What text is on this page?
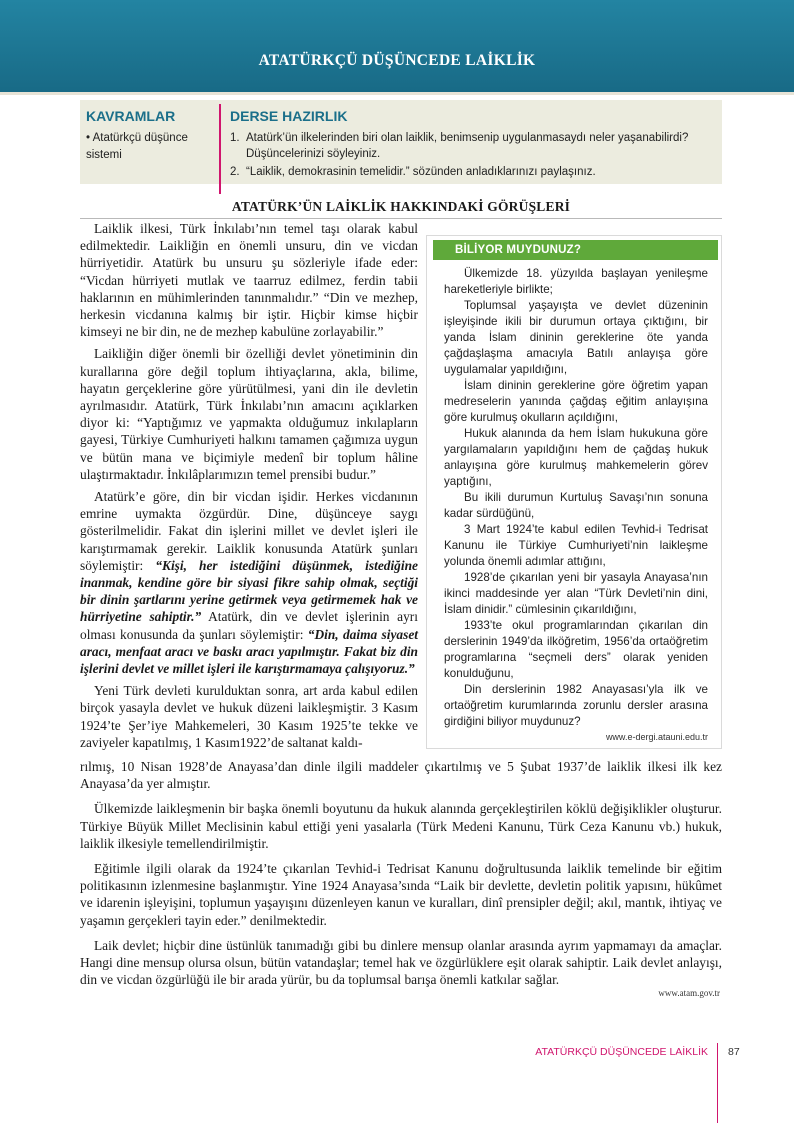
ATATÜRKÇÜ DÜŞÜNCEDE LAİKLİK
KAVRAMLAR
• Atatürkçü düşünce sistemi
DERSE HAZIRLIK
1. Atatürk’ün ilkelerinden biri olan laiklik, benimsenip uygulanmasaydı neler yaşanabilirdi? Düşüncelerinizi söyleyiniz.
2. “Laiklik, demokrasinin temelidir.” sözünden anladıklarınızı paylaşınız.
ATATÜRK’ÜN LAİKLİK HAKKINDAKİ GÖRÜŞLERİ

Laiklik ilkesi, Türk İnkılabı’nın temel taşı olarak kabul edilmektedir. Laikliğin en önemli unsuru, din ve vicdan hürriyetidir. Atatürk bu unsuru şu sözleriyle ifade eder: “Vicdan hürriyeti mutlak ve taarruz edilmez, ferdin tabii haklarının en mühimlerinden tanınmalıdır.” “Din ve mezhep, herkesin vicdanına kalmış bir iştir. Hiçbir kimse hiçbir kimseyi ne bir din, ne de mezhep kabulüne zorlayabilir.”

Laikliğin diğer önemli bir özelliği devlet yönetiminin din kurallarına göre değil toplum ihtiyaçlarına, akla, bilime, hayatın gerçeklerine göre yürütülmesi, yani din ile devletin ayrılmasıdır. Atatürk, Türk İnkılabı’nın amacını açıklarken diyor ki: “Yaptığımız ve yapmakta olduğumuz inkılapların gayesi, Türkiye Cumhuriyeti halkını tamamen çağımıza uygun ve bütün mana ve biçimiyle medenî bir toplum hâline ulaştırmaktadır. İnkılâplarımızın temel prensibi budur.”

Atatürk’e göre, din bir vicdan işidir. Herkes vicdanının emrine uymakta özgürdür. Dine, düşünceye saygı gösterilmelidir. Fakat din işlerini millet ve devlet işleri ile karıştırmamak gerekir. Laiklik konusunda Atatürk şunları söylemiştir: “Kişi, her istediğini düşünmek, istediğine inanmak, kendine göre bir siyasi fikre sahip olmak, seçtiği bir dinin şartlarını yerine getirmek veya getirmemek hak ve hürriyetine sahiptir.” Atatürk, din ve devlet işlerinin ayrı olması konusunda da şunları söylemiştir: “Din, daima siyaset aracı, menfaat aracı ve baskı aracı yapılmıştır. Fakat biz din işlerini devlet ve millet işleri ile karıştırmamaya çalışıyoruz.”

Yeni Türk devleti kurulduktan sonra, art arda kabul edilen birçok yasayla devlet ve hukuk düzeni laikleşmiştir. 3 Kasım 1924’te Şer’iye Mahkemeleri, 30 Kasım 1925’te tekke ve zaviyeler kapatılmış, 1 Kasım1922’de saltanat kaldı-

BİLİYOR MUYDUNUZ?

Ülkemizde 18. yüzyılda başlayan yenileşme hareketleriyle birlikte;

Toplumsal yaşayışta ve devlet düzeninin işleyişinde ikili bir durumun ortaya çıktığını, bir yanda İslam dininin gereklerine öte yanda çağdaşlaşma amacıyla Batılı anlayışa göre uygulamalar yapıldığını,

İslam dininin gereklerine göre öğretim yapan medreselerin yanında çağdaş eğitim anlayışına göre kurulmuş okulların açıldığını,

Hukuk alanında da hem İslam hukukuna göre yargılamaların yapıldığını hem de çağdaş hukuk anlayışına göre kurulmuş mahkemelerin görev yaptığını,

Bu ikili durumun Kurtuluş Savaşı’nın sonuna kadar sürdüğünü,

3 Mart 1924’te kabul edilen Tevhid-i Tedrisat Kanunu ile Türkiye Cumhuriyeti’nin laikleşme yolunda önemli adımlar attığını,

1928’de çıkarılan yeni bir yasayla Anayasa’nın ikinci maddesinde yer alan “Türk Devleti’nin dini, İslam dinidir.” cümlesinin çıkarıldığını,

1933’te okul programlarından çıkarılan din derslerinin 1949’da ilköğretim, 1956’da ortaöğretim programlarına “seçmeli ders” olarak yeniden konulduğunu,

Din derslerinin 1982 Anayasası’yla ilk ve ortaöğretim kurumlarında zorunlu dersler arasına girdiğini biliyor muydunuz?

www.e-dergi.atauni.edu.tr

rılmış, 10 Nisan 1928’de Anayasa’dan dinle ilgili maddeler çıkartılmış ve 5 Şubat 1937’de laiklik ilkesi ilk kez Anayasa’da yer almıştır.

Ülkemizde laikleşmenin bir başka önemli boyutunu da hukuk alanında gerçekleştirilen köklü değişiklikler oluşturur. Türkiye Büyük Millet Meclisinin kabul ettiği yeni yasalarla (Türk Medeni Kanunu, Türk Ceza Kanunu vb.) hukuk, laiklik ilkesiyle temellendirilmiştir.

Eğitimle ilgili olarak da 1924’te çıkarılan Tevhid-i Tedrisat Kanunu doğrultusunda laiklik temelinde bir eğitim politikasının izlenmesine başlanmıştır. Yine 1924 Anayasa’sında “Laik bir devlette, devletin politik yapısını, hükûmet ve idarenin işleyişini, toplumun yaşayışını düzenleyen kanun ve kuralları, dinî prensipler değil; akıl, mantık, ihtiyaç ve yaşamın gerçekleri tayin eder.” denilmektedir.

Laik devlet; hiçbir dine üstünlük tanımadığı gibi bu dinlere mensup olanlar arasında ayrım yapmamayı da amaçlar. Hangi dine mensup olursa olsun, bütün vatandaşlar; temel hak ve özgürlüklere eşit olarak sahiptir. Laik devlet anlayışı, din ve vicdan özgürlüğü ile bir arada yürür, bu da toplumsal barışa önemli katkılar sağlar.

www.atam.gov.tr
ATATÜRKÇÜ DÜŞÜNCEDE LAİKLİK 87
